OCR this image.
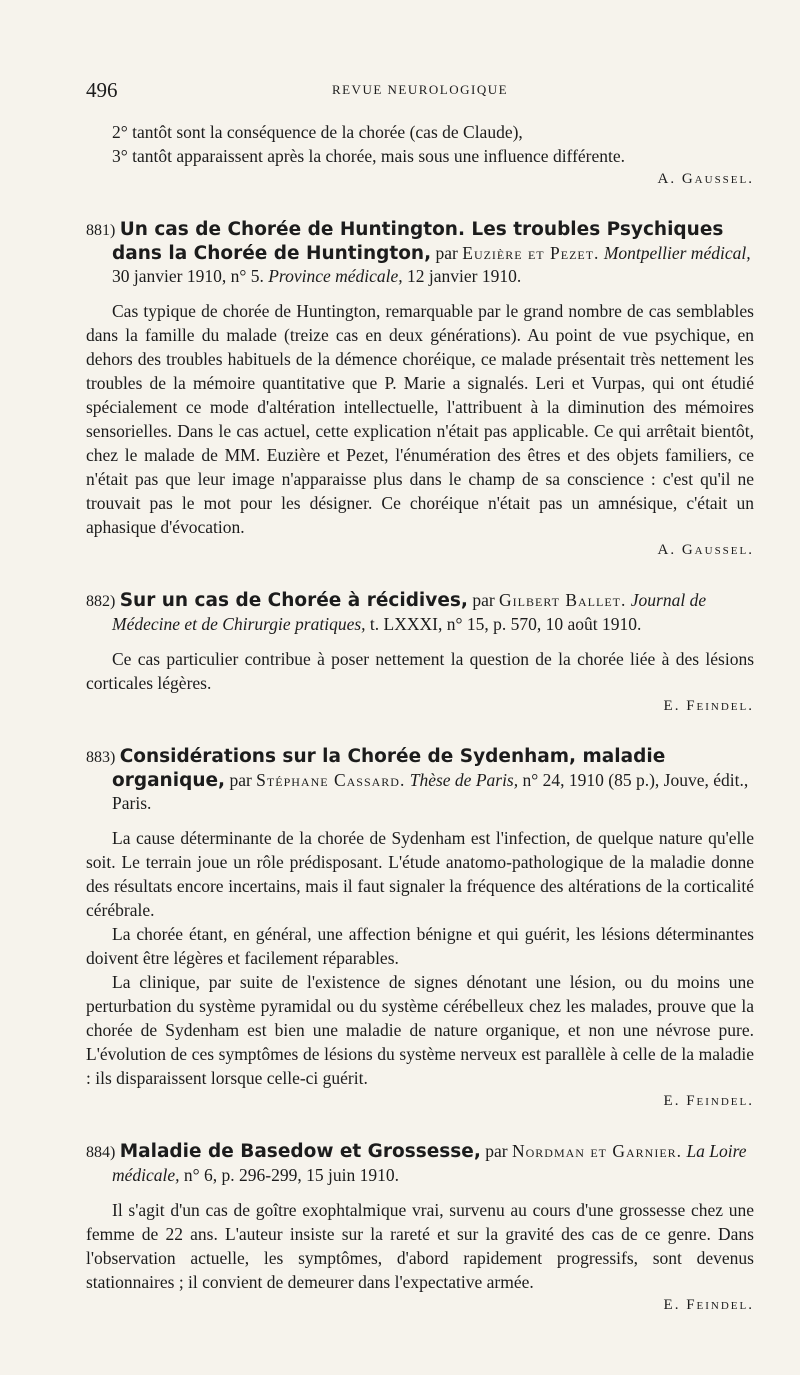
496	REVUE NEUROLOGIQUE

2° tantôt sont la conséquence de la chorée (cas de Claude),

3° tantôt apparaissent après la chorée, mais sous une influence différente.

A. Gaussel.

881) Un cas de Chorée de Huntington. Les troubles Psychiques dans la Chorée de Huntington, par Euzière et Pezet. Montpellier médical, 30 janvier 1910, n° 5. Province médicale, 12 janvier 1910.

Cas typique de chorée de Huntington, remarquable par le grand nombre de cas semblables dans la famille du malade (treize cas en deux générations). Au point de vue psychique, en dehors des troubles habituels de la démence choréique, ce malade présentait très nettement les troubles de la mémoire quantitative que P. Marie a signalés. Leri et Vurpas, qui ont étudié spécialement ce mode d'altération intellectuelle, l'attribuent à la diminution des mémoires sensorielles. Dans le cas actuel, cette explication n'était pas applicable. Ce qui arrêtait bientôt, chez le malade de MM. Euzière et Pezet, l'énumération des êtres et des objets familiers, ce n'était pas que leur image n'apparaisse plus dans le champ de sa conscience : c'est qu'il ne trouvait pas le mot pour les désigner. Ce choréique n'était pas un amnésique, c'était un aphasique d'évocation.

A. Gaussel.

882) Sur un cas de Chorée à récidives, par Gilbert Ballet. Journal de Médecine et de Chirurgie pratiques, t. LXXXI, n° 15, p. 570, 10 août 1910.

Ce cas particulier contribue à poser nettement la question de la chorée liée à des lésions corticales légères.

E. Feindel.

883) Considérations sur la Chorée de Sydenham, maladie organique, par Stéphane Cassard. Thèse de Paris, n° 24, 1910 (85 p.), Jouve, édit., Paris.

La cause déterminante de la chorée de Sydenham est l'infection, de quelque nature qu'elle soit. Le terrain joue un rôle prédisposant. L'étude anatomo-pathologique de la maladie donne des résultats encore incertains, mais il faut signaler la fréquence des altérations de la corticalité cérébrale.

La chorée étant, en général, une affection bénigne et qui guérit, les lésions déterminantes doivent être légères et facilement réparables.

La clinique, par suite de l'existence de signes dénotant une lésion, ou du moins une perturbation du système pyramidal ou du système cérébelleux chez les malades, prouve que la chorée de Sydenham est bien une maladie de nature organique, et non une névrose pure. L'évolution de ces symptômes de lésions du système nerveux est parallèle à celle de la maladie : ils disparaissent lorsque celle-ci guérit.

E. Feindel.

884) Maladie de Basedow et Grossesse, par Nordman et Garnier. La Loire médicale, n° 6, p. 296-299, 15 juin 1910.

Il s'agit d'un cas de goître exophtalmique vrai, survenu au cours d'une grossesse chez une femme de 22 ans. L'auteur insiste sur la rareté et sur la gravité des cas de ce genre. Dans l'observation actuelle, les symptômes, d'abord rapidement progressifs, sont devenus stationnaires ; il convient de demeurer dans l'expectative armée.

E. Feindel.
